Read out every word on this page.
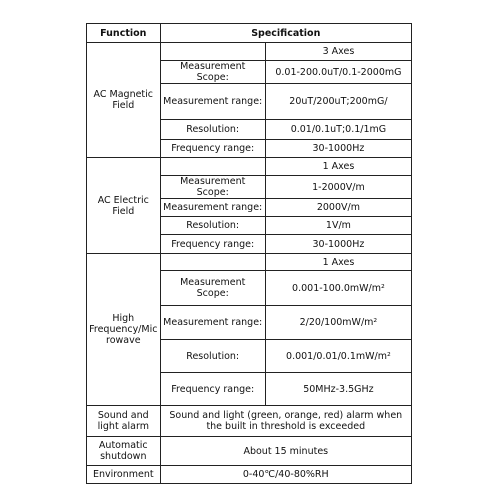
Function	Specification	
AC Magnetic Field		3 Axes
	Measurement Scope:	0.01-200.0uT/0.1-2000mG
	Measurement range:	20uT/200uT;200mG/
	Resolution:	0.01/0.1uT;0.1/1mG
	Frequency range:	30-1000Hz
AC Electric Field		1 Axes
	Measurement Scope:	1-2000V/m
	Measurement range:	2000V/m
	Resolution:	1V/m
	Frequency range:	30-1000Hz
High Frequency/Mic rowave		1 Axes
	Measurement Scope:	0.001-100.0mW/m²
	Measurement range:	2/20/100mW/m²
	Resolution:	0.001/0.01/0.1mW/m²
	Frequency range:	50MHz-3.5GHz
Sound and light alarm	Sound and light (green, orange, red) alarm when the built in threshold is exceeded	
Automatic shutdown	About 15 minutes	
Environment	0-40℃/40-80%RH	
